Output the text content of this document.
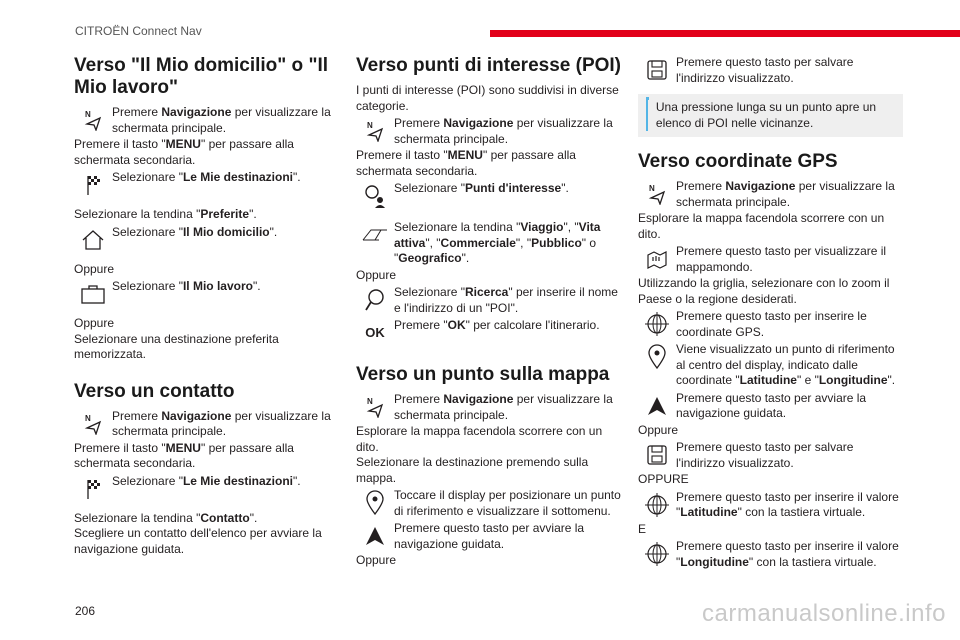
CITROËN Connect Nav
Verso "Il Mio domicilio" o "Il Mio lavoro"
N Premere Navigazione per visualizzare la schermata principale.

Premere il tasto "MENU" per passare alla schermata secondaria.

Selezionare "Le Mie destinazioni".

Selezionare la tendina "Preferite".

Selezionare "Il Mio domicilio".

Oppure

Selezionare "Il Mio lavoro".

Oppure

Selezionare una destinazione preferita memorizzata.

Verso un contatto
N Premere Navigazione per visualizzare la schermata principale.

Premere il tasto "MENU" per passare alla schermata secondaria.

Selezionare "Le Mie destinazioni".

Selezionare la tendina "Contatto".

Scegliere un contatto dell'elenco per avviare la navigazione guidata.

Verso punti di interesse (POI)

I punti di interesse (POI) sono suddivisi in diverse categorie.

N Premere Navigazione per visualizzare la schermata principale.

Premere il tasto "MENU" per passare alla schermata secondaria.

Selezionare "Punti d'interesse".
Selezionare la tendina "Viaggio", "Vita attiva", "Commerciale", "Pubblico" o "Geografico".

Oppure

Selezionare "Ricerca" per inserire il nome e l'indirizzo di un "POI".
OK
Premere "OK" per calcolare l'itinerario.
Verso un punto sulla mappa
N Premere Navigazione per visualizzare la schermata principale.

Esplorare la mappa facendola scorrere con un dito.

Selezionare la destinazione premendo sulla mappa.

Toccare il display per posizionare un punto di riferimento e visualizzare il sottomenu.
Premere questo tasto per avviare la navigazione guidata.

Oppure

Premere questo tasto per salvare l'indirizzo visualizzato.
Una pressione lunga su un punto apre un elenco di POI nelle vicinanze.
Verso coordinate GPS
N Premere Navigazione per visualizzare la schermata principale.

Esplorare la mappa facendola scorrere con un dito.

Premere questo tasto per visualizzare il mappamondo.

Utilizzando la griglia, selezionare con lo zoom il Paese o la regione desiderati.

Premere questo tasto per inserire le coordinate GPS.
Viene visualizzato un punto di riferimento al centro del display, indicato dalle coordinate "Latitudine" e "Longitudine".
Premere questo tasto per avviare la navigazione guidata.

Oppure

Premere questo tasto per salvare l'indirizzo visualizzato.

OPPURE

Premere questo tasto per inserire il valore "Latitudine" con la tastiera virtuale.

E

Premere questo tasto per inserire il valore "Longitudine" con la tastiera virtuale.
206	carmanualsonline.info
